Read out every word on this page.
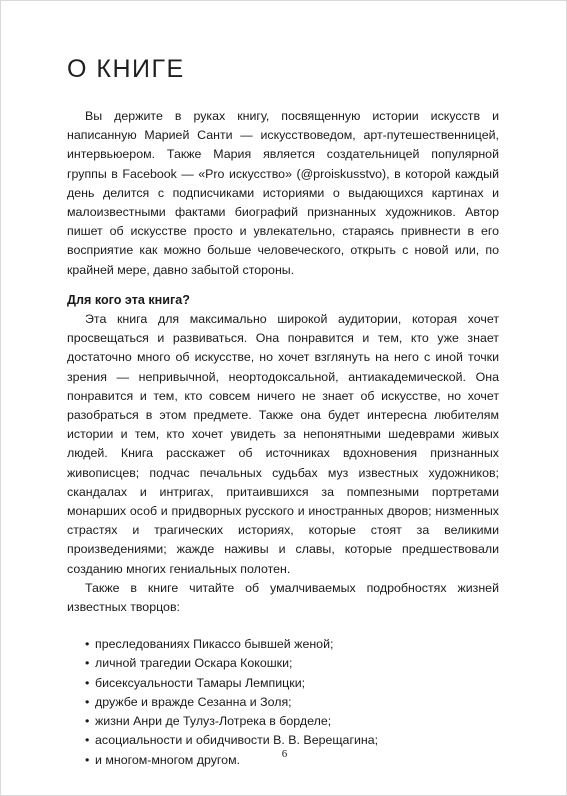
О КНИГЕ

Вы держите в руках книгу, посвященную истории искусств и написанную Марией Санти — искусствоведом, арт-путешественницей, интервьюером. Также Мария является создательницей популярной группы в Facebook — «Pro искусство» (@proiskusstvo), в которой каждый день делится с подписчиками историями о выдающихся картинах и малоизвестными фактами биографий признанных художников. Автор пишет об искусстве просто и увлекательно, стараясь привнести в его восприятие как можно больше человеческого, открыть с новой или, по крайней мере, давно забытой стороны.

Для кого эта книга?

Эта книга для максимально широкой аудитории, которая хочет просвещаться и развиваться. Она понравится и тем, кто уже знает достаточно много об искусстве, но хочет взглянуть на него с иной точки зрения — непривычной, неортодоксальной, антиакадемической. Она понравится и тем, кто совсем ничего не знает об искусстве, но хочет разобраться в этом предмете. Также она будет интересна любителям истории и тем, кто хочет увидеть за непонятными шедеврами живых людей. Книга расскажет об источниках вдохновения признанных живописцев; подчас печальных судьбах муз известных художников; скандалах и интригах, притаившихся за помпезными портретами монарших особ и придворных русского и иностранных дворов; низменных страстях и трагических историях, которые стоят за великими произведениями; жажде наживы и славы, которые предшествовали созданию многих гениальных полотен.

Также в книге читайте об умалчиваемых подробностях жизней известных творцов:

• преследованиях Пикассо бывшей женой;
• личной трагедии Оскара Кокошки;
• бисексуальности Тамары Лемпицки;
• дружбе и вражде Сезанна и Золя;
• жизни Анри де Тулуз-Лотрека в борделе;
• асоциальности и обидчивости В. В. Верещагина;
• и многом-многом другом.	6
